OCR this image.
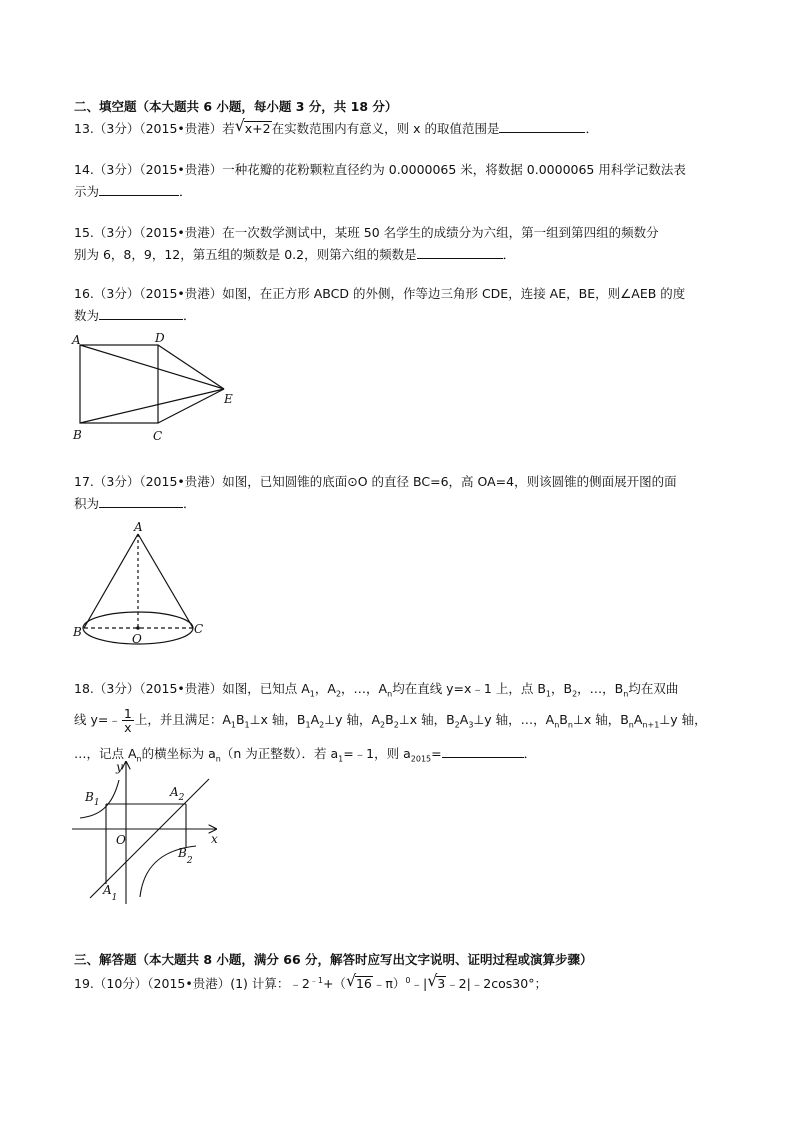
二、填空题（本大题共 6 小题，每小题 3 分，共 18 分）
13.（3分）（2015•贵港）若 √ x+2在实数范围内有意义，则 x 的取值范围是	．
14.（3分）（2015•贵港）一种花瓣的花粉颗粒直径约为 0.0000065 米，将数据 0.0000065 用科学记数法表
示为	．
15.（3分）（2015•贵港）在一次数学测试中，某班 50 名学生的成绩分为六组，第一组到第四组的频数分
别为 6，8，9，12，第五组的频数是 0.2，则第六组的频数是	．
16.（3分）（2015•贵港）如图，在正方形 ABCD 的外侧，作等边三角形 CDE，连接 AE，BE，则∠AEB 的度
数为	．
A	D
E
B	C
17.（3分）（2015•贵港）如图，已知圆锥的底面⊙O 的直径 BC=6，高 OA=4，则该圆锥的侧面展开图的面
积为	．
A
B	C
O
18.（3分）（2015•贵港）如图，已知点 $A_1$，$A_2$，…，$A_n$均在直线 y=x﹣1 上，点 $B_1$，$B_2$，…，$B_n$均在双曲
线 y=﹣ $\frac{1}{x}$ 上，并且满足：$A_1B_1\perp x$ 轴，$B_1A_2\perp y$ 轴，$A_2B_2\perp x$ 轴，$B_2A_3\perp y$ 轴，…，$A_nB_n\perp x$ 轴，$B_nA_{n+1}\perp y$ 轴，
…，记点 $A_n$的横坐标为 $a_n(n$ 为正整数）．若 $a_1=﹣1$，则 $a_{2015}=$	．
y
x
O
$B_1$
$A_2$
$B_2$
$A_1$
三、解答题（本大题共 8 小题，满分 66 分，解答时应写出文字说明、证明过程或演算步骤）
19.（10分）（2015•贵港）(1) 计算：$﹣2^{﹣1}+$（ √ 16﹣π）$^0$﹣| √ 3﹣2|﹣2cos30°；
